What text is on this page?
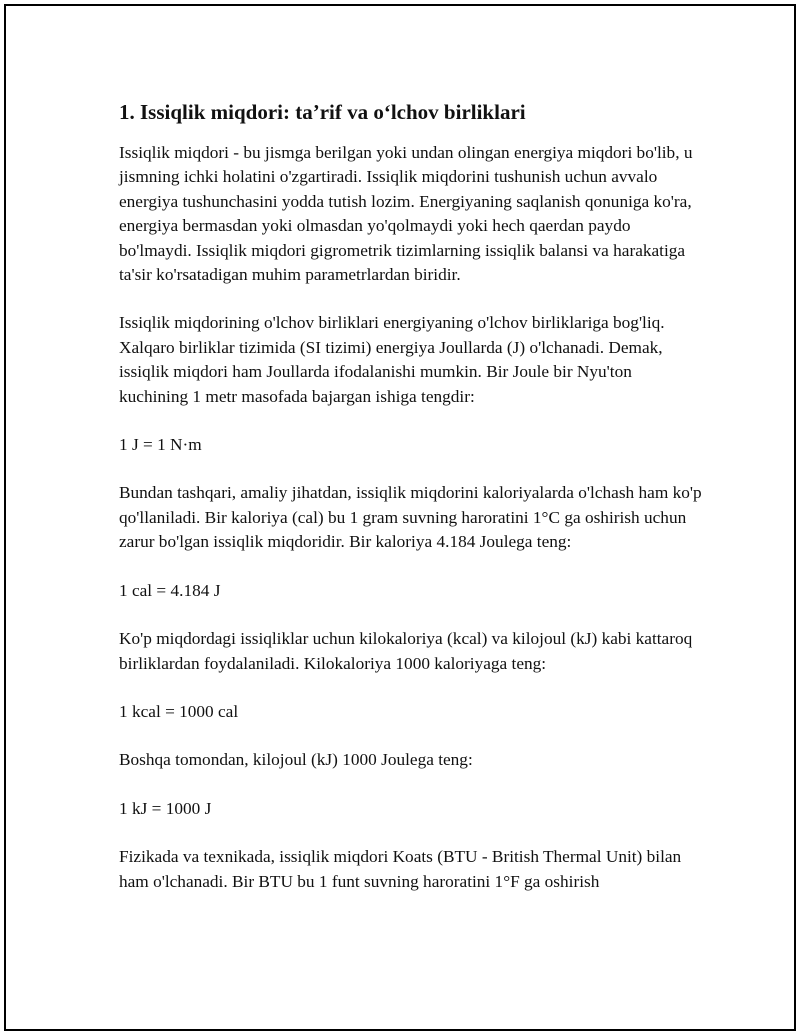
1. Issiqlik miqdori: ta’rif va o‘lchov birliklari

Issiqlik miqdori - bu jismga berilgan yoki undan olingan energiya miqdori bo'lib, u jismning ichki holatini o'zgartiradi. Issiqlik miqdorini tushunish uchun avvalo energiya tushunchasini yodda tutish lozim. Energiyaning saqlanish qonuniga ko'ra, energiya bermasdan yoki olmasdan yo'qolmaydi yoki hech qaerdan paydo bo'lmaydi. Issiqlik miqdori gigrometrik tizimlarning issiqlik balansi va harakatiga ta'sir ko'rsatadigan muhim parametrlardan biridir.

Issiqlik miqdorining o'lchov birliklari energiyaning o'lchov birliklariga bog'liq. Xalqaro birliklar tizimida (SI tizimi) energiya Joullarda (J) o'lchanadi. Demak, issiqlik miqdori ham Joullarda ifodalanishi mumkin. Bir Joule bir Nyu'ton kuchining 1 metr masofada bajargan ishiga tengdir:

1 J = 1 N·m

Bundan tashqari, amaliy jihatdan, issiqlik miqdorini kaloriyalarda o'lchash ham ko'p qo'llaniladi. Bir kaloriya (cal) bu 1 gram suvning haroratini 1°C ga oshirish uchun zarur bo'lgan issiqlik miqdoridir. Bir kaloriya 4.184 Joulega teng:

1 cal = 4.184 J

Ko'p miqdordagi issiqliklar uchun kilokaloriya (kcal) va kilojoul (kJ) kabi kattaroq birliklardan foydalaniladi. Kilokaloriya 1000 kaloriyaga teng:

1 kcal = 1000 cal

Boshqa tomondan, kilojoul (kJ) 1000 Joulega teng:

1 kJ = 1000 J

Fizikada va texnikada, issiqlik miqdori Koats (BTU - British Thermal Unit) bilan ham o'lchanadi. Bir BTU bu 1 funt suvning haroratini 1°F ga oshirish
